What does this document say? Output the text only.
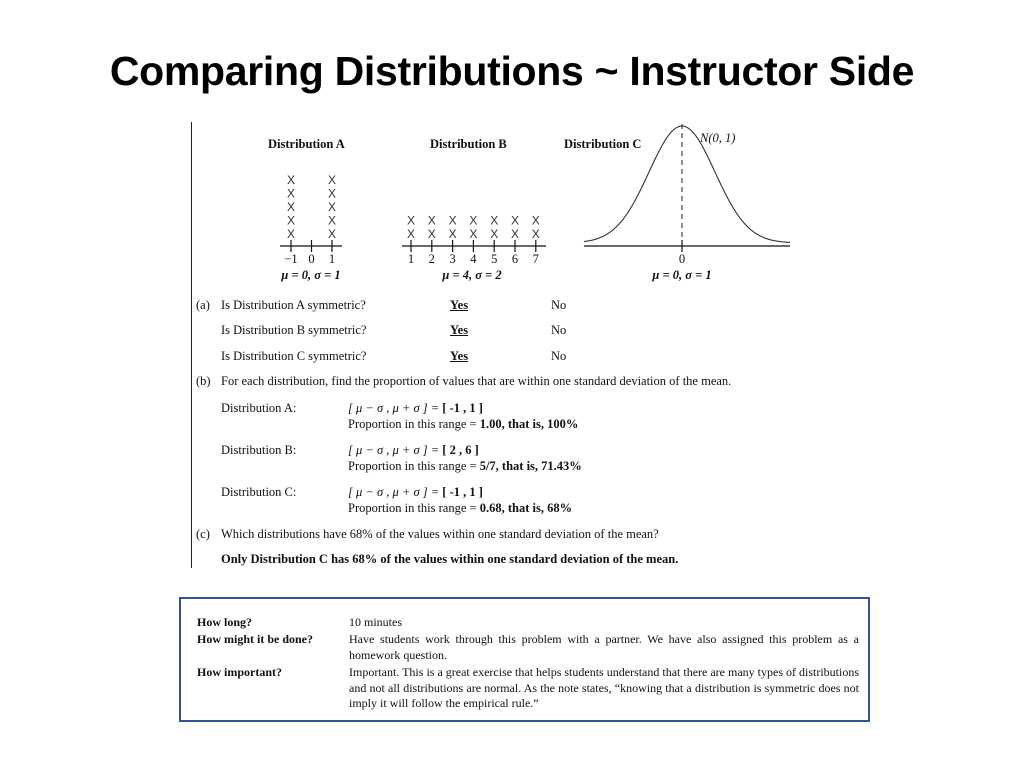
Comparing Distributions ~ Instructor Side
Distribution A
X
X
X
X
X
X
X
X
X
X
−1 0 1
μ = 0, σ = 1
Distribution B
X
X
X
X
X
X
X
X
X
X
X
X
X
X
1 2 3 4 5 6 7
μ = 4, σ = 2
Distribution C	N(0, 1)
0
μ = 0, σ = 1
(a) Is Distribution A symmetric?	Yes	No
Is Distribution B symmetric?	Yes	No
Is Distribution C symmetric?	Yes	No
(b) For each distribution, find the proportion of values that are within one standard deviation of the mean.
Distribution A:	[ μ − σ , μ + σ ] = [ -1 , 1 ]
Proportion in this range = 1.00, that is, 100%
Distribution B:	[ μ − σ , μ + σ ] = [ 2 , 6 ]
Proportion in this range = 5/7, that is, 71.43%
Distribution C:	[ μ − σ , μ + σ ] = [ -1 , 1 ]
Proportion in this range = 0.68, that is, 68%
(c) Which distributions have 68% of the values within one standard deviation of the mean?
Only Distribution C has 68% of the values within one standard deviation of the mean.
How long?	10 minutes
How might it be done?	Have students work through this problem with a partner. We have also assigned this problem as a homework question.
How important?	Important. This is a great exercise that helps students understand that there are many types of distributions and not all distributions are normal. As the note states, “knowing that a distribution is symmetric does not imply it will follow the empirical rule.”
